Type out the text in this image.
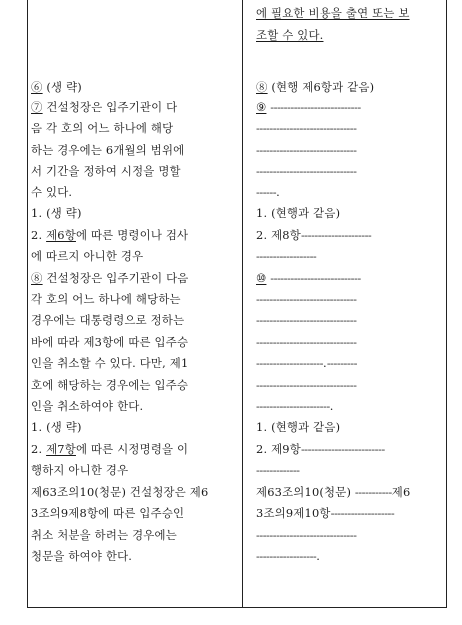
⑥ (생 략)
⑦ 건설청장은 입주기관이 다
음 각 호의 어느 하나에 해당
하는 경우에는 6개월의 범위에
서 기간을 정하여 시정을 명할
수 있다.
1. (생 략)
2. 제6항에 따른 명령이나 검사
에 따르지 아니한 경우
⑧ 건설청장은 입주기관이 다음
각 호의 어느 하나에 해당하는
경우에는 대통령령으로 정하는
바에 따라 제3항에 따른 입주승
인을 취소할 수 있다. 다만, 제1
호에 해당하는 경우에는 입주승
인을 취소하여야 한다.
1. (생 략)
2. 제7항에 따른 시정명령을 이
행하지 아니한 경우
제63조의10(청문) 건설청장은 제6
3조의9제8항에 따른 입주승인
취소 처분을 하려는 경우에는
청문을 하여야 한다.
에 필요한 비용을 출연 또는 보
조할 수 있다.
⑧ (현행 제6항과 같음)
⑨ ---------------------------
------------------------------
------------------------------
------------------------------
------.
1. (현행과 같음)
2. 제8항---------------------
------------------
⑩ ---------------------------
------------------------------
------------------------------
------------------------------
--------------------.---------
------------------------------
----------------------.
1. (현행과 같음)
2. 제9항-------------------------
-------------
제63조의10(청문) -----------제6
3조의9제10항-------------------
------------------------------
------------------.
